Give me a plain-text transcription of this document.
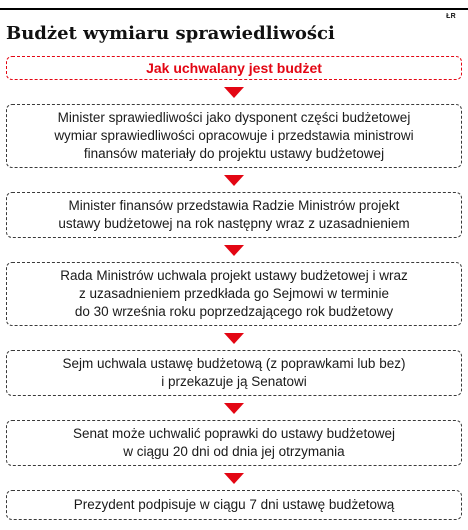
ŁR
Budżet wymiaru sprawiedliwości
Jak uchwalany jest budżet
Minister sprawiedliwości jako dysponent części budżetowej
wymiar sprawiedliwości opracowuje i przedstawia ministrowi
finansów materiały do projektu ustawy budżetowej
Minister finansów przedstawia Radzie Ministrów projekt
ustawy budżetowej na rok następny wraz z uzasadnieniem
Rada Ministrów uchwala projekt ustawy budżetowej i wraz
z uzasadnieniem przedkłada go Sejmowi w terminie
do 30 września roku poprzedzającego rok budżetowy
Sejm uchwala ustawę budżetową (z poprawkami lub bez)
i przekazuje ją Senatowi
Senat może uchwalić poprawki do ustawy budżetowej
w ciągu 20 dni od dnia jej otrzymania
Prezydent podpisuje w ciągu 7 dni ustawę budżetową
